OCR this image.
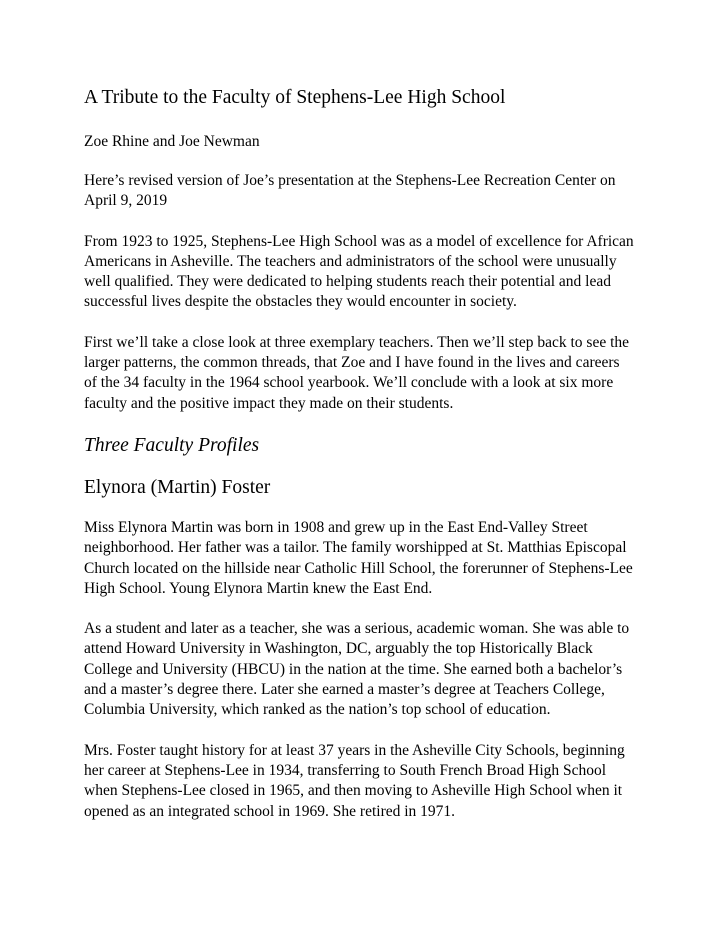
A Tribute to the Faculty of Stephens-Lee High School
Zoe Rhine and Joe Newman

Here’s revised version of Joe’s presentation at the Stephens-Lee Recreation Center on April 9, 2019

From 1923 to 1925, Stephens-Lee High School was as a model of excellence for African Americans in Asheville. The teachers and administrators of the school were unusually well qualified. They were dedicated to helping students reach their potential and lead successful lives despite the obstacles they would encounter in society.

First we’ll take a close look at three exemplary teachers. Then we’ll step back to see the larger patterns, the common threads, that Zoe and I have found in the lives and careers of the 34 faculty in the 1964 school yearbook. We’ll conclude with a look at six more faculty and the positive impact they made on their students.

Three Faculty Profiles
Elynora (Martin) Foster

Miss Elynora Martin was born in 1908 and grew up in the East End-Valley Street neighborhood. Her father was a tailor. The family worshipped at St. Matthias Episcopal Church located on the hillside near Catholic Hill School, the forerunner of Stephens-Lee High School. Young Elynora Martin knew the East End.

As a student and later as a teacher, she was a serious, academic woman. She was able to attend Howard University in Washington, DC, arguably the top Historically Black College and University (HBCU) in the nation at the time. She earned both a bachelor’s and a master’s degree there. Later she earned a master’s degree at Teachers College, Columbia University, which ranked as the nation’s top school of education.

Mrs. Foster taught history for at least 37 years in the Asheville City Schools, beginning her career at Stephens-Lee in 1934, transferring to South French Broad High School when Stephens-Lee closed in 1965, and then moving to Asheville High School when it opened as an integrated school in 1969. She retired in 1971.
